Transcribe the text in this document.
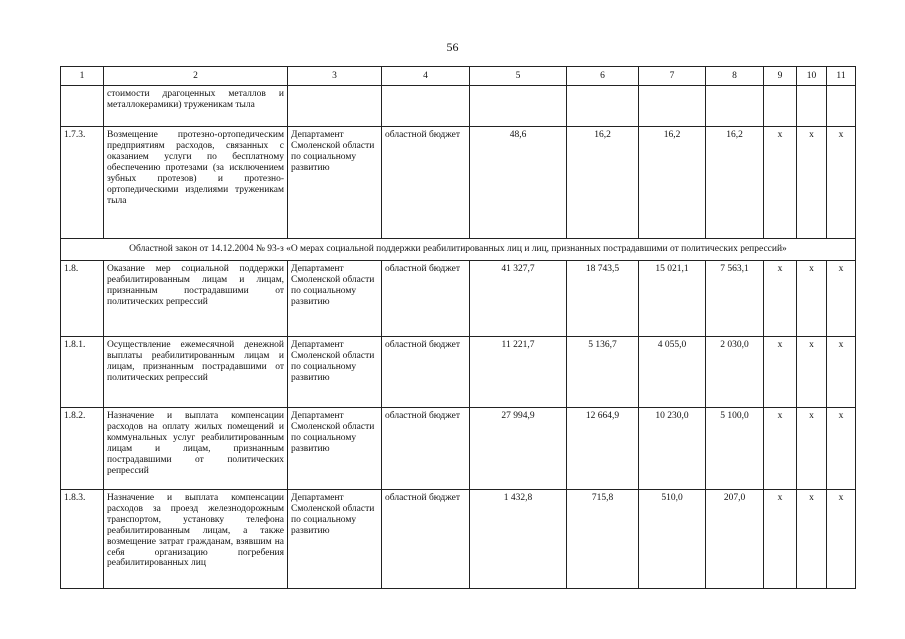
56
1	2	3	4	5	6	7	8	9	10	11
	стоимости драгоценных металлов и металлокерамики) труженикам тыла									
1.7.3.	Возмещение протезно-ортопедическим предприятиям расходов, связанных с оказанием услуги по бесплатному обеспечению протезами (за исключением зубных протезов) и протезно-ортопедическими изделиями труженикам тыла	Департамент Смоленской области по социальному развитию	областной бюджет	48,6	16,2	16,2	16,2	х	х	х
Областной закон от 14.12.2004 № 93-з «О мерах социальной поддержки реабилитированных лиц и лиц, признанных пострадавшими от политических репрессий»										
1.8.	Оказание мер социальной поддержки реабилитированным лицам и лицам, признанным пострадавшими от политических репрессий	Департамент Смоленской области по социальному развитию	областной бюджет	41 327,7	18 743,5	15 021,1	7 563,1	х	х	х
1.8.1.	Осуществление ежемесячной денежной выплаты реабилитированным лицам и лицам, признанным пострадавшими от политических репрессий	Департамент Смоленской области по социальному развитию	областной бюджет	11 221,7	5 136,7	4 055,0	2 030,0	х	х	х
1.8.2.	Назначение и выплата компенсации расходов на оплату жилых помещений и коммунальных услуг реабилитированным лицам и лицам, признанным пострадавшими от политических репрессий	Департамент Смоленской области по социальному развитию	областной бюджет	27 994,9	12 664,9	10 230,0	5 100,0	х	х	х
1.8.3.	Назначение и выплата компенсации расходов за проезд железнодорожным транспортом, установку телефона реабилитированным лицам, а также возмещение затрат гражданам, взявшим на себя организацию погребения реабилитированных лиц	Департамент Смоленской области по социальному развитию	областной бюджет	1 432,8	715,8	510,0	207,0	х	х	х
